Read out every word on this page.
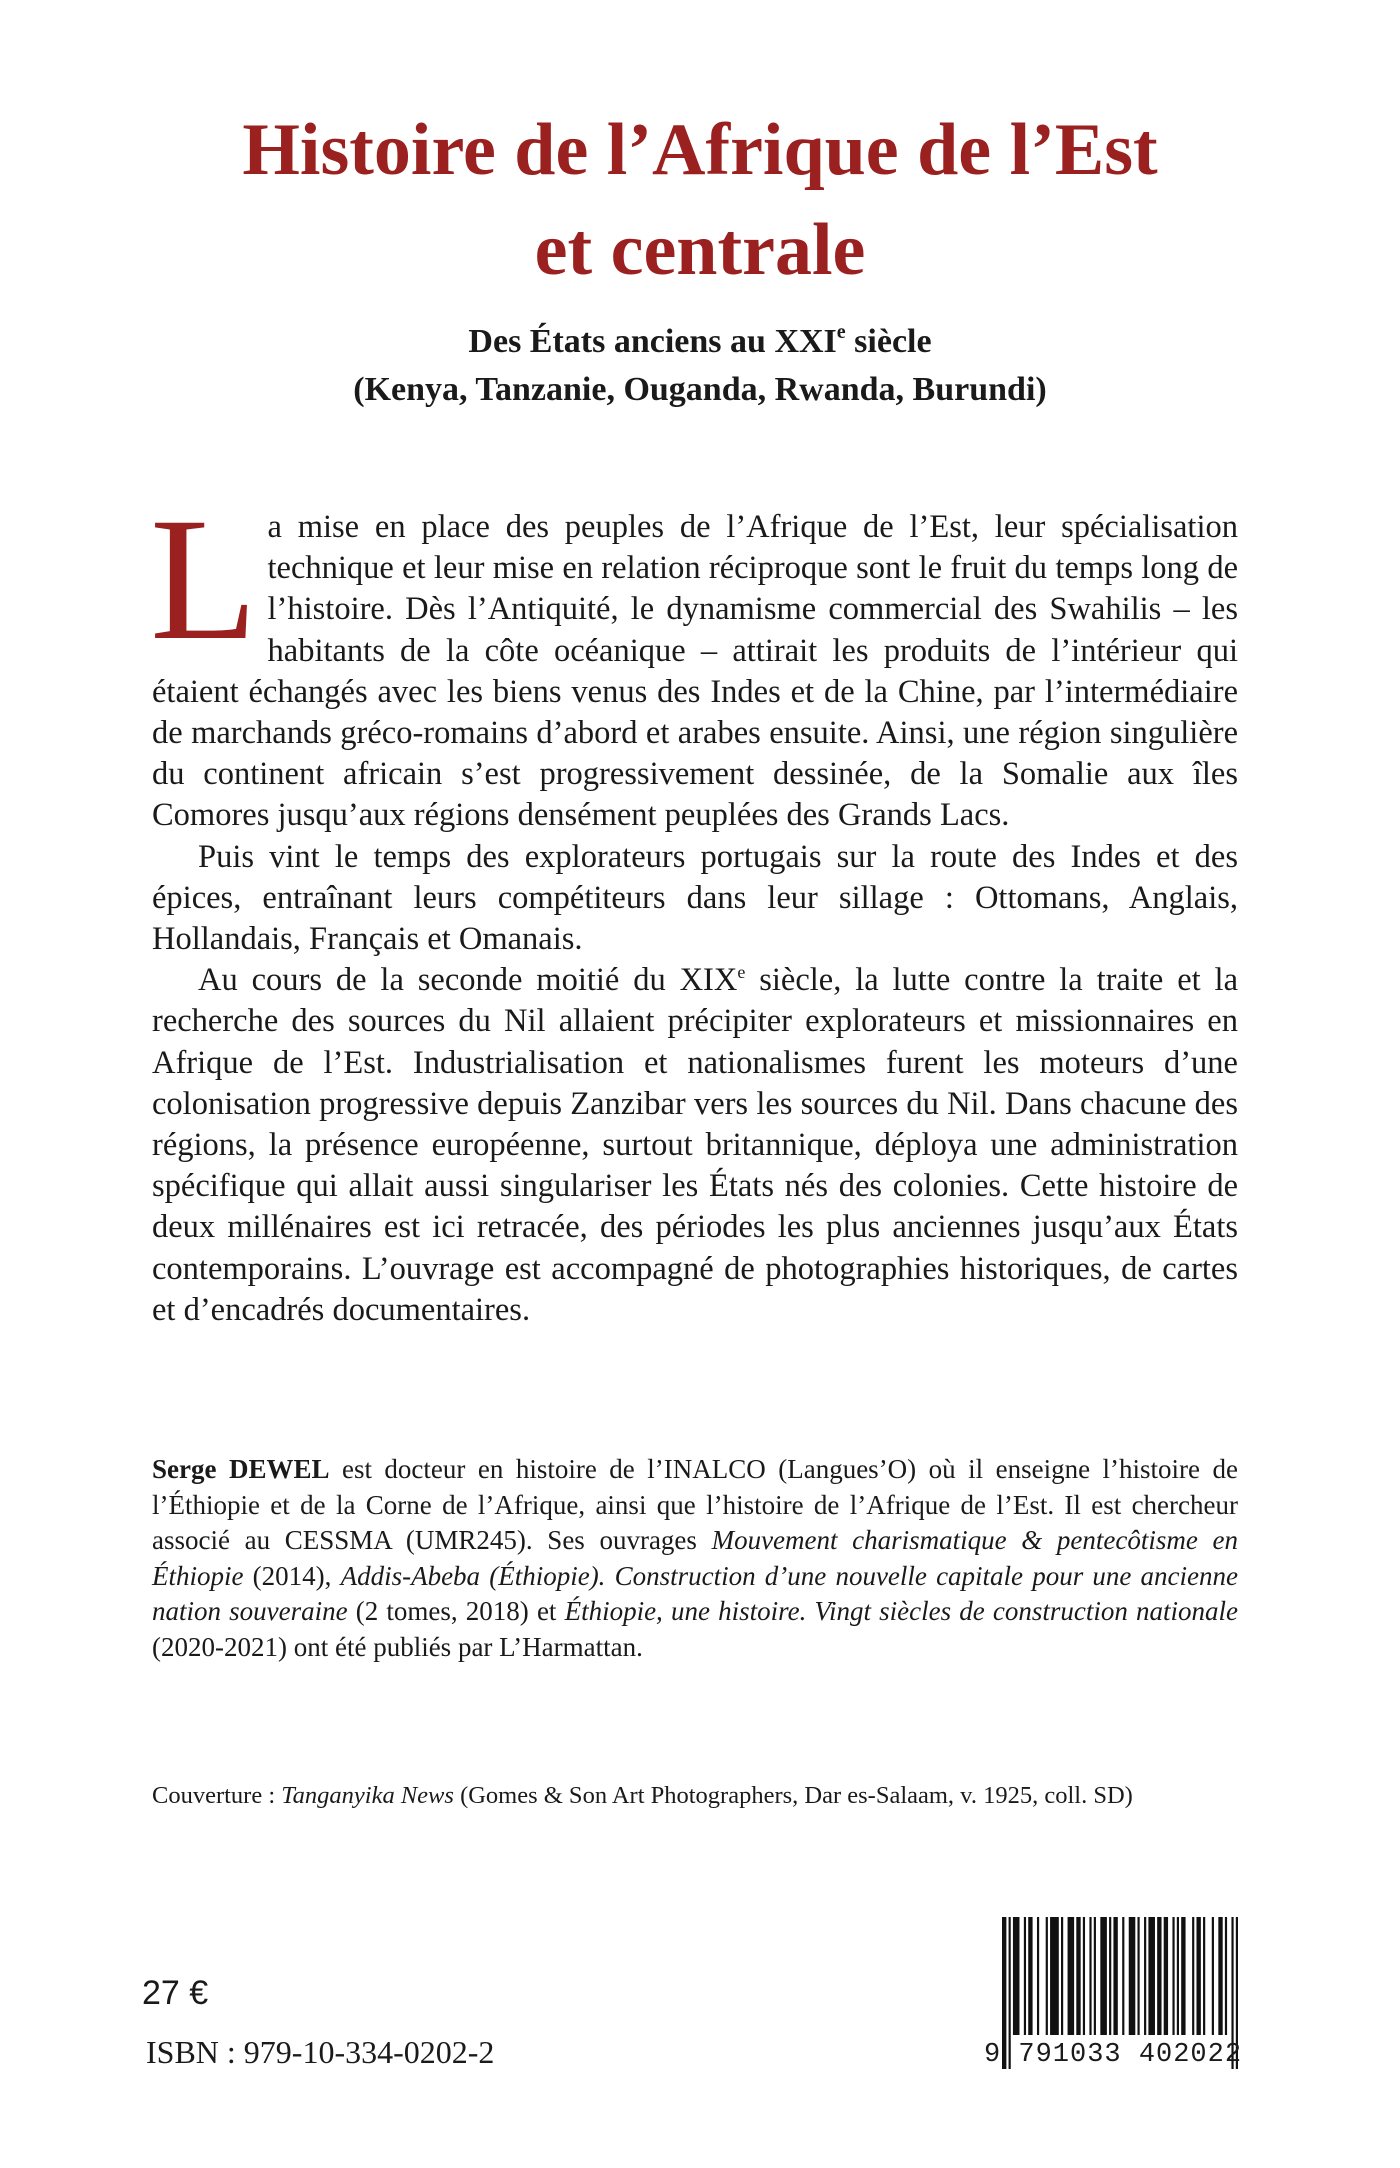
Histoire de l’Afrique de l’Est
et centrale
Des États anciens au XXIe siècle
(Kenya, Tanzanie, Ouganda, Rwanda, Burundi)

La mise en place des peuples de l’Afrique de l’Est, leur spécialisation technique et leur mise en relation réciproque sont le fruit du temps long de l’histoire. Dès l’Antiquité, le dynamisme commercial des Swahilis – les habitants de la côte océanique – attirait les produits de l’intérieur qui étaient échangés avec les biens venus des Indes et de la Chine, par l’intermédiaire de marchands gréco-romains d’abord et arabes ensuite. Ainsi, une région singulière du continent africain s’est progressivement dessinée, de la Somalie aux îles Comores jusqu’aux régions densément peuplées des Grands Lacs.

Puis vint le temps des explorateurs portugais sur la route des Indes et des épices, entraînant leurs compétiteurs dans leur sillage : Ottomans, Anglais, Hollandais, Français et Omanais.

Au cours de la seconde moitié du XIXe siècle, la lutte contre la traite et la recherche des sources du Nil allaient précipiter explorateurs et missionnaires en Afrique de l’Est. Industrialisation et nationalismes furent les moteurs d’une colonisation progressive depuis Zanzibar vers les sources du Nil. Dans chacune des régions, la présence européenne, surtout britannique, déploya une administration spécifique qui allait aussi singulariser les États nés des colonies. Cette histoire de deux millénaires est ici retracée, des périodes les plus anciennes jusqu’aux États contemporains. L’ouvrage est accompagné de photographies historiques, de cartes et d’encadrés documentaires.

Serge DEWEL est docteur en histoire de l’INALCO (Langues’O) où il enseigne l’histoire de l’Éthiopie et de la Corne de l’Afrique, ainsi que l’histoire de l’Afrique de l’Est. Il est chercheur associé au CESSMA (UMR245). Ses ouvrages Mouvement charismatique & pentecôtisme en Éthiopie (2014), Addis-Abeba (Éthiopie). Construction d’une nouvelle capitale pour une ancienne nation souveraine (2 tomes, 2018) et Éthiopie, une histoire. Vingt siècles de construction nationale (2020-2021) ont été publiés par L’Harmattan.

Couverture : Tanganyika News (Gomes & Son Art Photographers, Dar es-Salaam, v. 1925, coll. SD)
27 €
ISBN : 979-10-334-0202-2	9 791033 402022
